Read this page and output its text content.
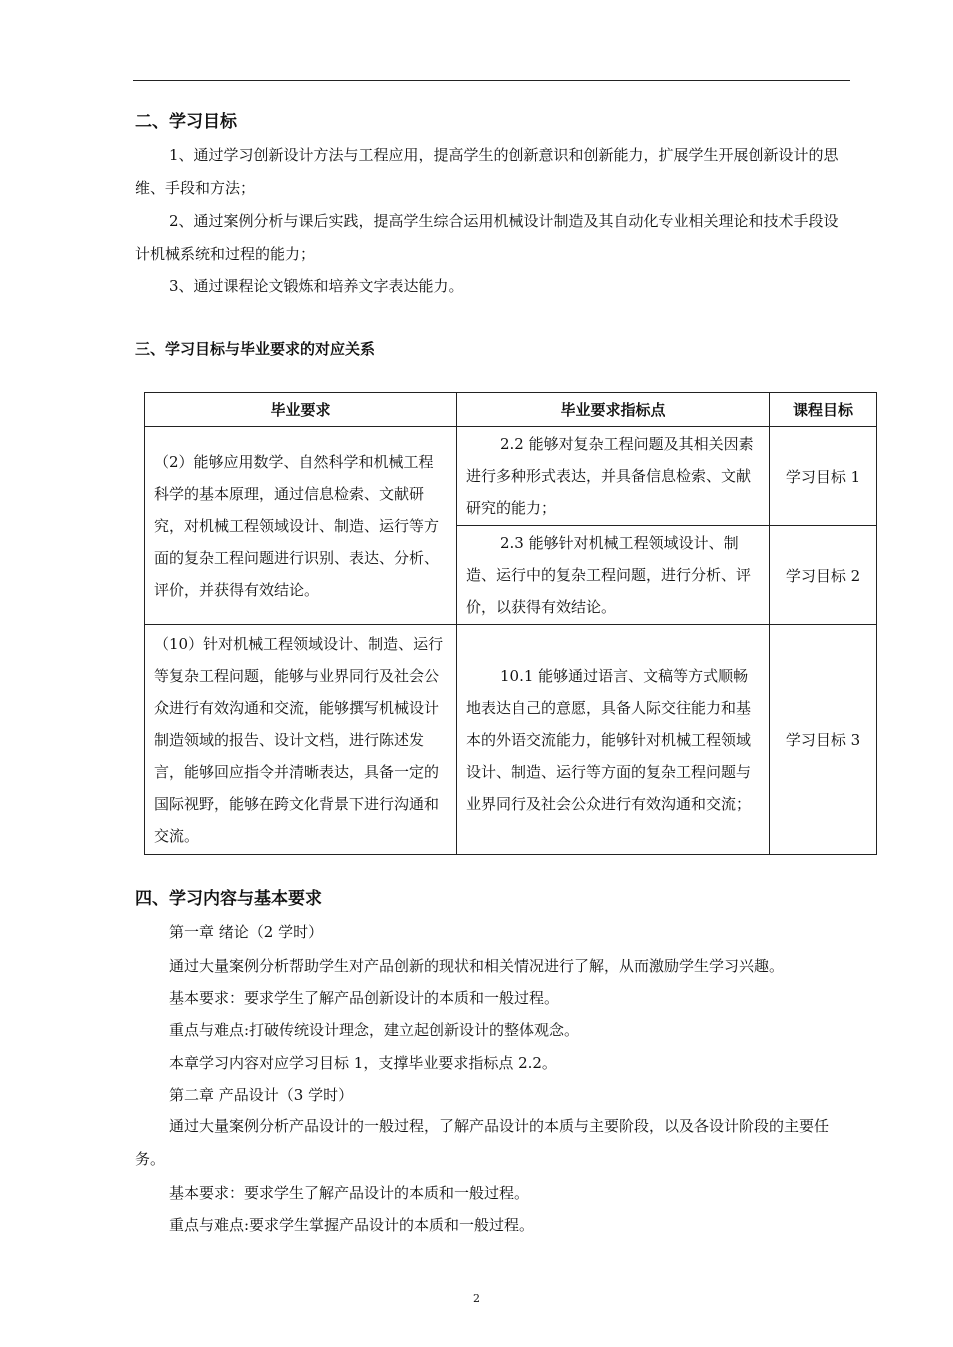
二、学习目标
1、通过学习创新设计方法与工程应用，提高学生的创新意识和创新能力，扩展学生开展创新设计的思维、手段和方法；
2、通过案例分析与课后实践，提高学生综合运用机械设计制造及其自动化专业相关理论和技术手段设计机械系统和过程的能力；
3、通过课程论文锻炼和培养文字表达能力。
三、学习目标与毕业要求的对应关系
毕业要求	毕业要求指标点	课程目标
（2）能够应用数学、自然科学和机械工程科学的基本原理，通过信息检索、文献研究，对机械工程领域设计、制造、运行等方面的复杂工程问题进行识别、表达、分析、评价，并获得有效结论。	2.2 能够对复杂工程问题及其相关因素进行多种形式表达，并具备信息检索、文献研究的能力；	学习目标 1
	2.3 能够针对机械工程领域设计、制造、运行中的复杂工程问题，进行分析、评价，以获得有效结论。	学习目标 2
（10）针对机械工程领域设计、制造、运行等复杂工程问题，能够与业界同行及社会公众进行有效沟通和交流，能够撰写机械设计制造领域的报告、设计文档，进行陈述发言，能够回应指令并清晰表达，具备一定的国际视野，能够在跨文化背景下进行沟通和交流。	10.1 能够通过语言、文稿等方式顺畅地表达自己的意愿，具备人际交往能力和基本的外语交流能力，能够针对机械工程领域设计、制造、运行等方面的复杂工程问题与业界同行及社会公众进行有效沟通和交流；	学习目标 3
四、学习内容与基本要求
第一章 绪论（2 学时）
通过大量案例分析帮助学生对产品创新的现状和相关情况进行了解，从而激励学生学习兴趣。
基本要求：要求学生了解产品创新设计的本质和一般过程。
重点与难点:打破传统设计理念，建立起创新设计的整体观念。
本章学习内容对应学习目标 1，支撑毕业要求指标点 2.2。
第二章 产品设计（3 学时）
通过大量案例分析产品设计的一般过程，了解产品设计的本质与主要阶段，以及各设计阶段的主要任务。
基本要求：要求学生了解产品设计的本质和一般过程。
重点与难点:要求学生掌握产品设计的本质和一般过程。
2
